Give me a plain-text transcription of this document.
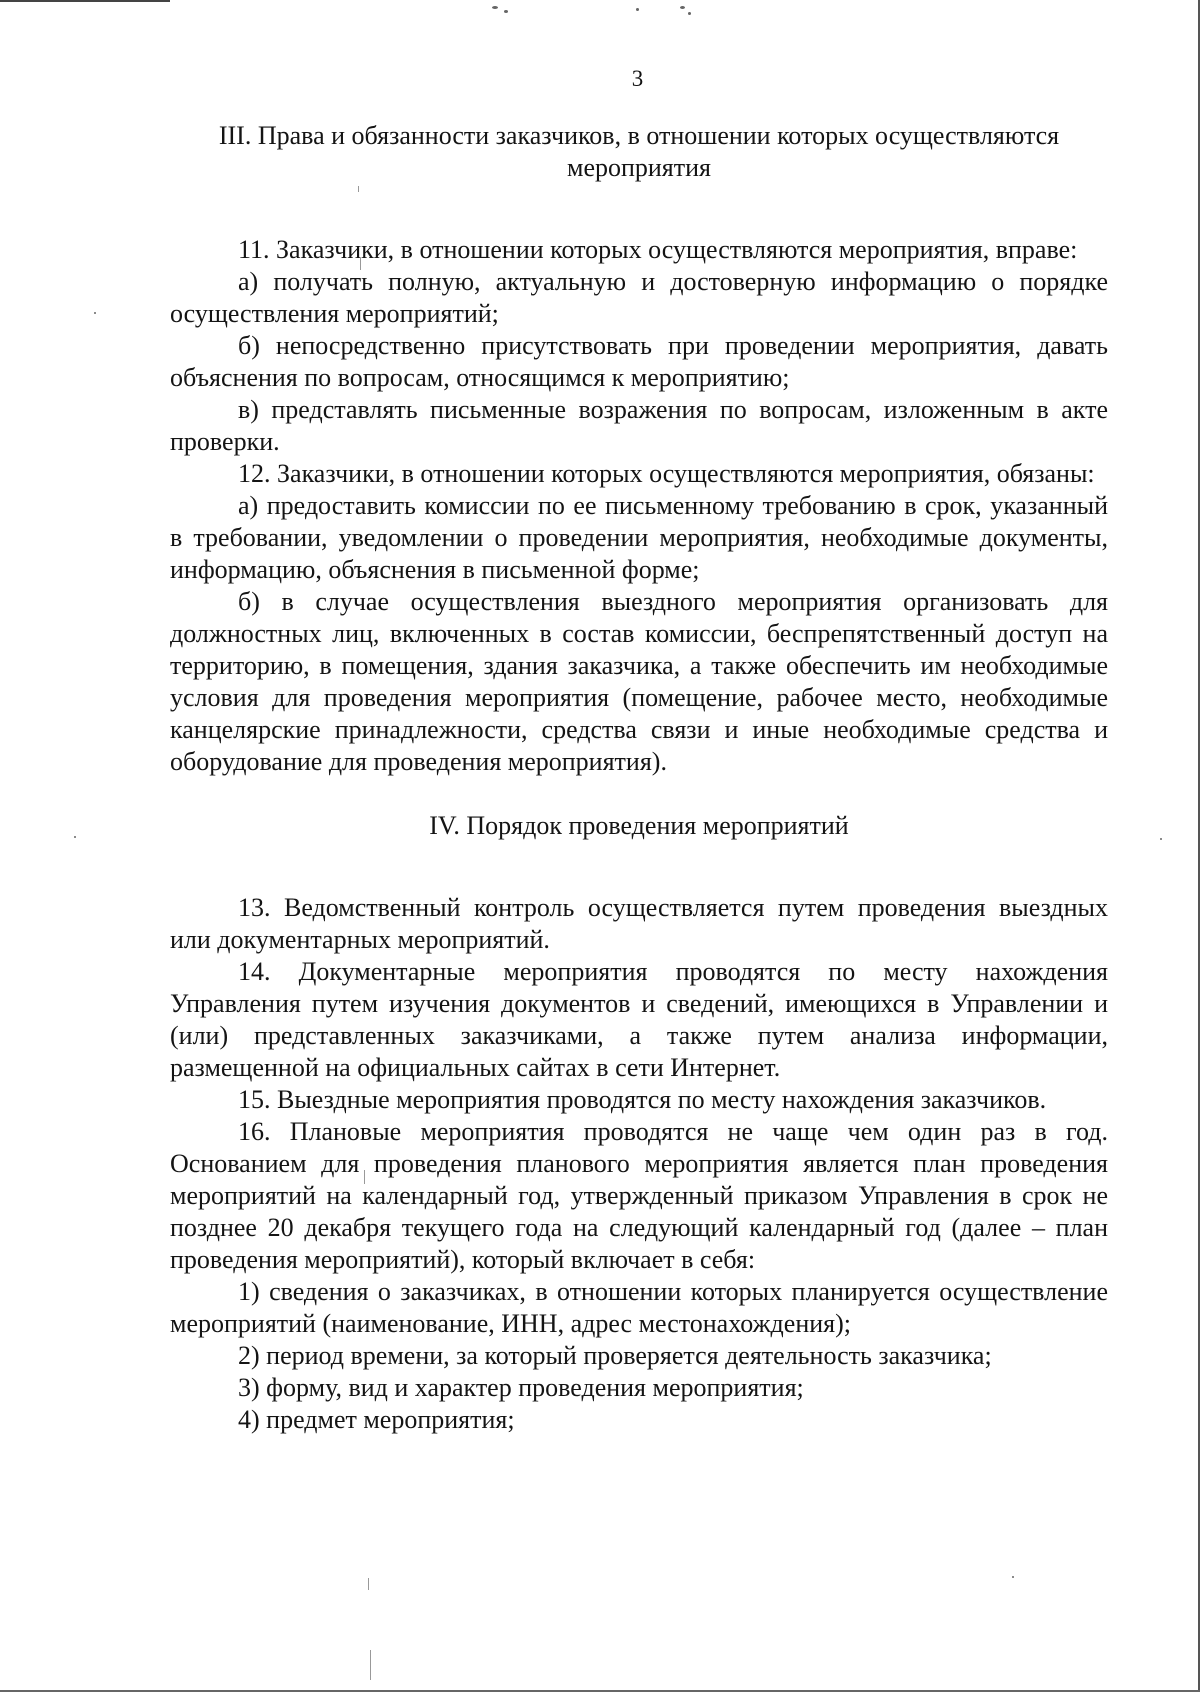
3
III. Права и обязанности заказчиков, в отношении которых осуществляются мероприятия

11. Заказчики, в отношении которых осуществляются мероприятия, вправе:

а) получать полную, актуальную и достоверную информацию о порядке осуществления мероприятий;

б) непосредственно присутствовать при проведении мероприятия, давать объяснения по вопросам, относящимся к мероприятию;

в) представлять письменные возражения по вопросам, изложенным в акте проверки.

12. Заказчики, в отношении которых осуществляются мероприятия, обязаны:

а) предоставить комиссии по ее письменному требованию в срок, указанный в требовании, уведомлении о проведении мероприятия, необходимые документы, информацию, объяснения в письменной форме;

б) в случае осуществления выездного мероприятия организовать для должностных лиц, включенных в состав комиссии, беспрепятственный доступ на территорию, в помещения, здания заказчика, а также обеспечить им необходимые условия для проведения мероприятия (помещение, рабочее место, необходимые канцелярские принадлежности, средства связи и иные необходимые средства и оборудование для проведения мероприятия).

IV. Порядок проведения мероприятий

13. Ведомственный контроль осуществляется путем проведения выездных или документарных мероприятий.

14. Документарные мероприятия проводятся по месту нахождения Управления путем изучения документов и сведений, имеющихся в Управлении и (или) представленных заказчиками, а также путем анализа информации, размещенной на официальных сайтах в сети Интернет.

15. Выездные мероприятия проводятся по месту нахождения заказчиков.

16. Плановые мероприятия проводятся не чаще чем один раз в год. Основанием для проведения планового мероприятия является план проведения мероприятий на календарный год, утвержденный приказом Управления в срок не позднее 20 декабря текущего года на следующий календарный год (далее – план проведения мероприятий), который включает в себя:

1) сведения о заказчиках, в отношении которых планируется осуществление мероприятий (наименование, ИНН, адрес местонахождения);

2) период времени, за который проверяется деятельность заказчика;

3) форму, вид и характер проведения мероприятия;

4) предмет мероприятия;
